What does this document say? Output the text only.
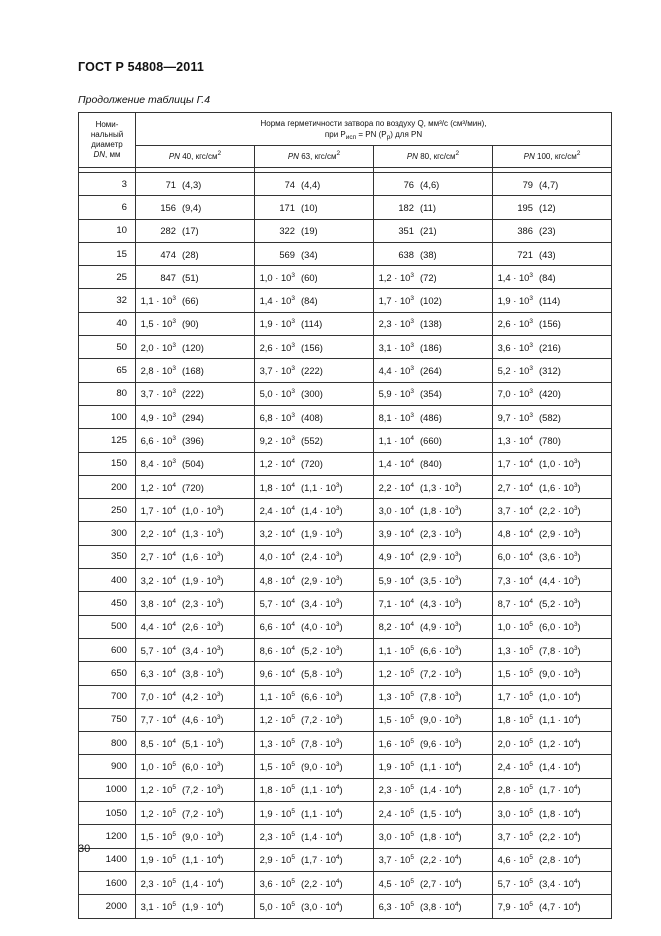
ГОСТ Р 54808—2011
Продолжение таблицы Г.4
Номи-
нальный
диаметр
DN, мм	Норма герметичности затвора по воздуху Q, мм³/с (см³/мин),
при $P_{исп}$ = PN $(P_р)$ для PN			
	PN 40, кгс/$см^2$	PN 63, кгс/$см^2$	PN 80, кгс/$см^2$	PN 100, кгс/$см^2$

3	71 (4,3)	74 (4,4)	76 (4,6)	79 (4,7)

6	156 (9,4)	171 (10)	182 (11)	195 (12)

10	282 (17)	322 (19)	351 (21)	386 (23)

15	474 (28)	569 (34)	638 (38)	721 (43)

25	847 (51)	$1,0 \cdot 10^3$ (60)	$1,2 \cdot 10^3$ (72)	$1,4 \cdot 10^3$ (84)

32	$1,1 \cdot 10^3$ (66)	$1,4 \cdot 10^3$ (84)	$1,7 \cdot 10^3$ (102)	$1,9 \cdot 10^3$ (114)

40	$1,5 \cdot 10^3$ (90)	$1,9 \cdot 10^3$ (114)	$2,3 \cdot 10^3$ (138)	$2,6 \cdot 10^3$ (156)

50	$2,0 \cdot 10^3$ (120)	$2,6 \cdot 10^3$ (156)	$3,1 \cdot 10^3$ (186)	$3,6 \cdot 10^3$ (216)

65	$2,8 \cdot 10^3$ (168)	$3,7 \cdot 10^3$ (222)	$4,4 \cdot 10^3$ (264)	$5,2 \cdot 10^3$ (312)

80	$3,7 \cdot 10^3$ (222)	$5,0 \cdot 10^3$ (300)	$5,9 \cdot 10^3$ (354)	$7,0 \cdot 10^3$ (420)

100	$4,9 \cdot 10^3$ (294)	$6,8 \cdot 10^3$ (408)	$8,1 \cdot 10^3$ (486)	$9,7 \cdot 10^3$ (582)

125	$6,6 \cdot 10^3$ (396)	$9,2 \cdot 10^3$ (552)	$1,1 \cdot 10^4$ (660)	$1,3 \cdot 10^4$ (780)

150	$8,4 \cdot 10^3$ (504)	$1,2 \cdot 10^4$ (720)	$1,4 \cdot 10^4$ (840)	$1,7 \cdot 10^4$ $(1,0 \cdot 10^3)$

200	$1,2 \cdot 10^4$ (720)	$1,8 \cdot 10^4$ $(1,1 \cdot 10^3)$	$2,2 \cdot 10^4$ $(1,3 \cdot 10^3)$	$2,7 \cdot 10^4$ $(1,6 \cdot 10^3)$

250	$1,7 \cdot 10^4$ $(1,0 \cdot 10^3)$	$2,4 \cdot 10^4$ $(1,4 \cdot 10^3)$	$3,0 \cdot 10^4$ $(1,8 \cdot 10^3)$	$3,7 \cdot 10^4$ $(2,2 \cdot 10^3)$

300	$2,2 \cdot 10^4$ $(1,3 \cdot 10^3)$	$3,2 \cdot 10^4$ $(1,9 \cdot 10^3)$	$3,9 \cdot 10^4$ $(2,3 \cdot 10^3)$	$4,8 \cdot 10^4$ $(2,9 \cdot 10^3)$

350	$2,7 \cdot 10^4$ $(1,6 \cdot 10^3)$	$4,0 \cdot 10^4$ $(2,4 \cdot 10^3)$	$4,9 \cdot 10^4$ $(2,9 \cdot 10^3)$	$6,0 \cdot 10^4$ $(3,6 \cdot 10^3)$

400	$3,2 \cdot 10^4$ $(1,9 \cdot 10^3)$	$4,8 \cdot 10^4$ $(2,9 \cdot 10^3)$	$5,9 \cdot 10^4$ $(3,5 \cdot 10^3)$	$7,3 \cdot 10^4$ $(4,4 \cdot 10^3)$

450	$3,8 \cdot 10^4$ $(2,3 \cdot 10^3)$	$5,7 \cdot 10^4$ $(3,4 \cdot 10^3)$	$7,1 \cdot 10^4$ $(4,3 \cdot 10^3)$	$8,7 \cdot 10^4$ $(5,2 \cdot 10^3)$

500	$4,4 \cdot 10^4$ $(2,6 \cdot 10^3)$	$6,6 \cdot 10^4$ $(4,0 \cdot 10^3)$	$8,2 \cdot 10^4$ $(4,9 \cdot 10^3)$	$1,0 \cdot 10^5$ $(6,0 \cdot 10^3)$

600	$5,7 \cdot 10^4$ $(3,4 \cdot 10^3)$	$8,6 \cdot 10^4$ $(5,2 \cdot 10^3)$	$1,1 \cdot 10^5$ $(6,6 \cdot 10^3)$	$1,3 \cdot 10^5$ $(7,8 \cdot 10^3)$

650	$6,3 \cdot 10^4$ $(3,8 \cdot 10^3)$	$9,6 \cdot 10^4$ $(5,8 \cdot 10^3)$	$1,2 \cdot 10^5$ $(7,2 \cdot 10^3)$	$1,5 \cdot 10^5$ $(9,0 \cdot 10^3)$

700	$7,0 \cdot 10^4$ $(4,2 \cdot 10^3)$	$1,1 \cdot 10^5$ $(6,6 \cdot 10^3)$	$1,3 \cdot 10^5$ $(7,8 \cdot 10^3)$	$1,7 \cdot 10^5$ $(1,0 \cdot 10^4)$

750	$7,7 \cdot 10^4$ $(4,6 \cdot 10^3)$	$1,2 \cdot 10^5$ $(7,2 \cdot 10^3)$	$1,5 \cdot 10^5$ $(9,0 \cdot 10^3)$	$1,8 \cdot 10^5$ $(1,1 \cdot 10^4)$

800	$8,5 \cdot 10^4$ $(5,1 \cdot 10^3)$	$1,3 \cdot 10^5$ $(7,8 \cdot 10^3)$	$1,6 \cdot 10^5$ $(9,6 \cdot 10^3)$	$2,0 \cdot 10^5$ $(1,2 \cdot 10^4)$

900	$1,0 \cdot 10^5$ $(6,0 \cdot 10^3)$	$1,5 \cdot 10^5$ $(9,0 \cdot 10^3)$	$1,9 \cdot 10^5$ $(1,1 \cdot 10^4)$	$2,4 \cdot 10^5$ $(1,4 \cdot 10^4)$

1000	$1,2 \cdot 10^5$ $(7,2 \cdot 10^3)$	$1,8 \cdot 10^5$ $(1,1 \cdot 10^4)$	$2,3 \cdot 10^5$ $(1,4 \cdot 10^4)$	$2,8 \cdot 10^5$ $(1,7 \cdot 10^4)$

1050	$1,2 \cdot 10^5$ $(7,2 \cdot 10^3)$	$1,9 \cdot 10^5$ $(1,1 \cdot 10^4)$	$2,4 \cdot 10^5$ $(1,5 \cdot 10^4)$	$3,0 \cdot 10^5$ $(1,8 \cdot 10^4)$

1200	$1,5 \cdot 10^5$ $(9,0 \cdot 10^3)$	$2,3 \cdot 10^5$ $(1,4 \cdot 10^4)$	$3,0 \cdot 10^5$ $(1,8 \cdot 10^4)$	$3,7 \cdot 10^5$ $(2,2 \cdot 10^4)$

1400	$1,9 \cdot 10^5$ $(1,1 \cdot 10^4)$	$2,9 \cdot 10^5$ $(1,7 \cdot 10^4)$	$3,7 \cdot 10^5$ $(2,2 \cdot 10^4)$	$4,6 \cdot 10^5$ $(2,8 \cdot 10^4)$

1600	$2,3 \cdot 10^5$ $(1,4 \cdot 10^4)$	$3,6 \cdot 10^5$ $(2,2 \cdot 10^4)$	$4,5 \cdot 10^5$ $(2,7 \cdot 10^4)$	$5,7 \cdot 10^5$ $(3,4 \cdot 10^4)$

2000	$3,1 \cdot 10^5$ $(1,9 \cdot 10^4)$	$5,0 \cdot 10^5$ $(3,0 \cdot 10^4)$	$6,3 \cdot 10^5$ $(3,8 \cdot 10^4)$	$7,9 \cdot 10^5$ $(4,7 \cdot 10^4)$
30
